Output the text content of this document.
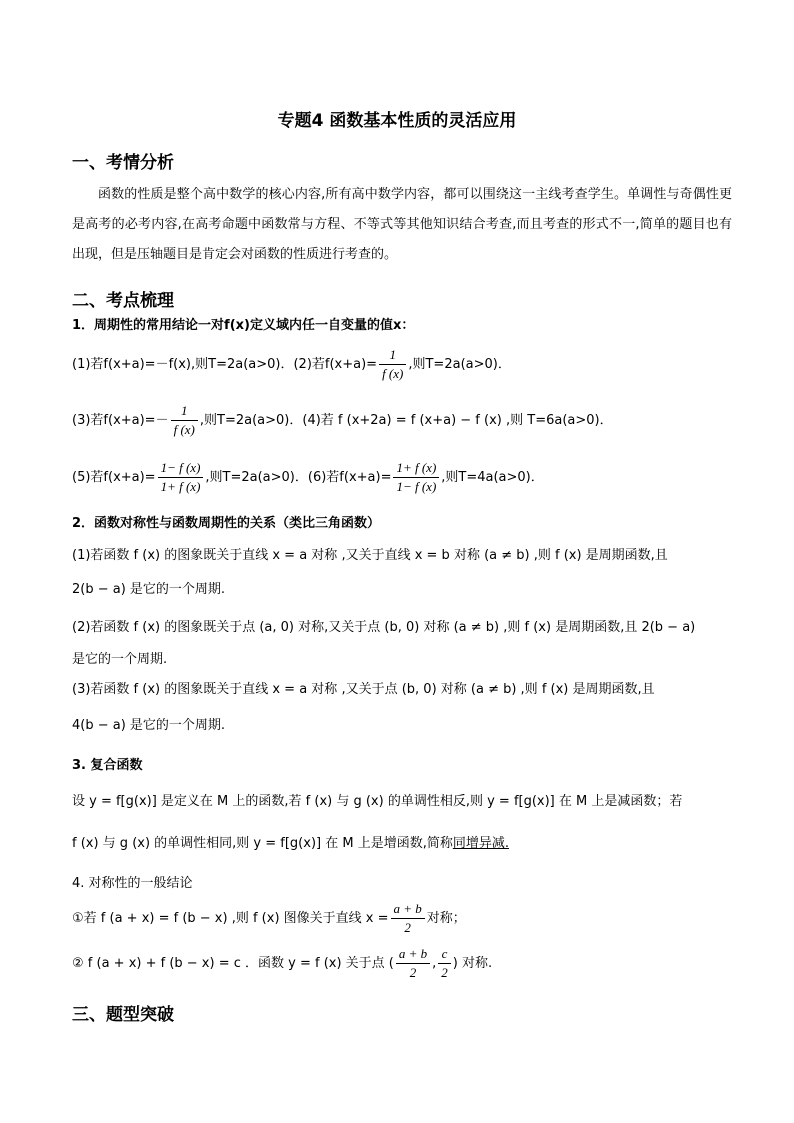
专题4 函数基本性质的灵活应用
一、考情分析
函数的性质是整个高中数学的核心内容,所有高中数学内容，都可以围绕这一主线考查学生。单调性与奇偶性更是高考的必考内容,在高考命题中函数常与方程、不等式等其他知识结合考查,而且考查的形式不一,简单的题目也有出现，但是压轴题目是肯定会对函数的性质进行考查的。
二、考点梳理
1．周期性的常用结论一对f(x)定义域内任一自变量的值x：
(1)若f(x+a)=－f(x),则T=2a(a>0)．(2)若$f(x+a)= \frac{1}{f (x)}$ ,则T=2a(a>0)．
(3)若$f(x+a)=- \frac{1}{f (x)}$ ,则T=2a(a>0)．(4)若 f (x+2a) = f (x+a) − f (x) ,则 T=6a(a>0)．
(5)若$f(x+a)= \frac{1- f (x)}{1+ f (x)}$ ,则T=2a(a>0)．(6)若$f(x+a)= \frac{1+ f (x)}{1- f (x)}$ ,则T=4a(a>0)．
2．函数对称性与函数周期性的关系（类比三角函数）
(1)若函数 f (x) 的图象既关于直线 x = a 对称 ,又关于直线 x = b 对称 (a ≠ b) ,则 f (x) 是周期函数,且
2(b − a) 是它的一个周期.
(2)若函数 f (x) 的图象既关于点 (a, 0) 对称,又关于点 (b, 0) 对称 (a ≠ b) ,则 f (x) 是周期函数,且 2(b − a)
是它的一个周期.
(3)若函数 f (x) 的图象既关于直线 x = a 对称 ,又关于点 (b, 0) 对称 (a ≠ b) ,则 f (x) 是周期函数,且
4(b − a) 是它的一个周期.
3. 复合函数
设 y = f[g(x)] 是定义在 M 上的函数,若 f (x) 与 g (x) 的单调性相反,则 y = f[g(x)] 在 M 上是减函数；若
f (x) 与 g (x) 的单调性相同,则 y = f[g(x)] 在 M 上是增函数,简称同增异减.
4. 对称性的一般结论
①若 f (a + x) = f (b − x) ,则 f (x) 图像关于直线 $x = \frac{a + b}{2}$ 对称；
② f (a + x) + f (b − x) = c ．函数 y = f (x) 关于点 ( $\frac{a + b}{2}$ , $\frac{c}{2}$ ) 对称.
三、题型突破
